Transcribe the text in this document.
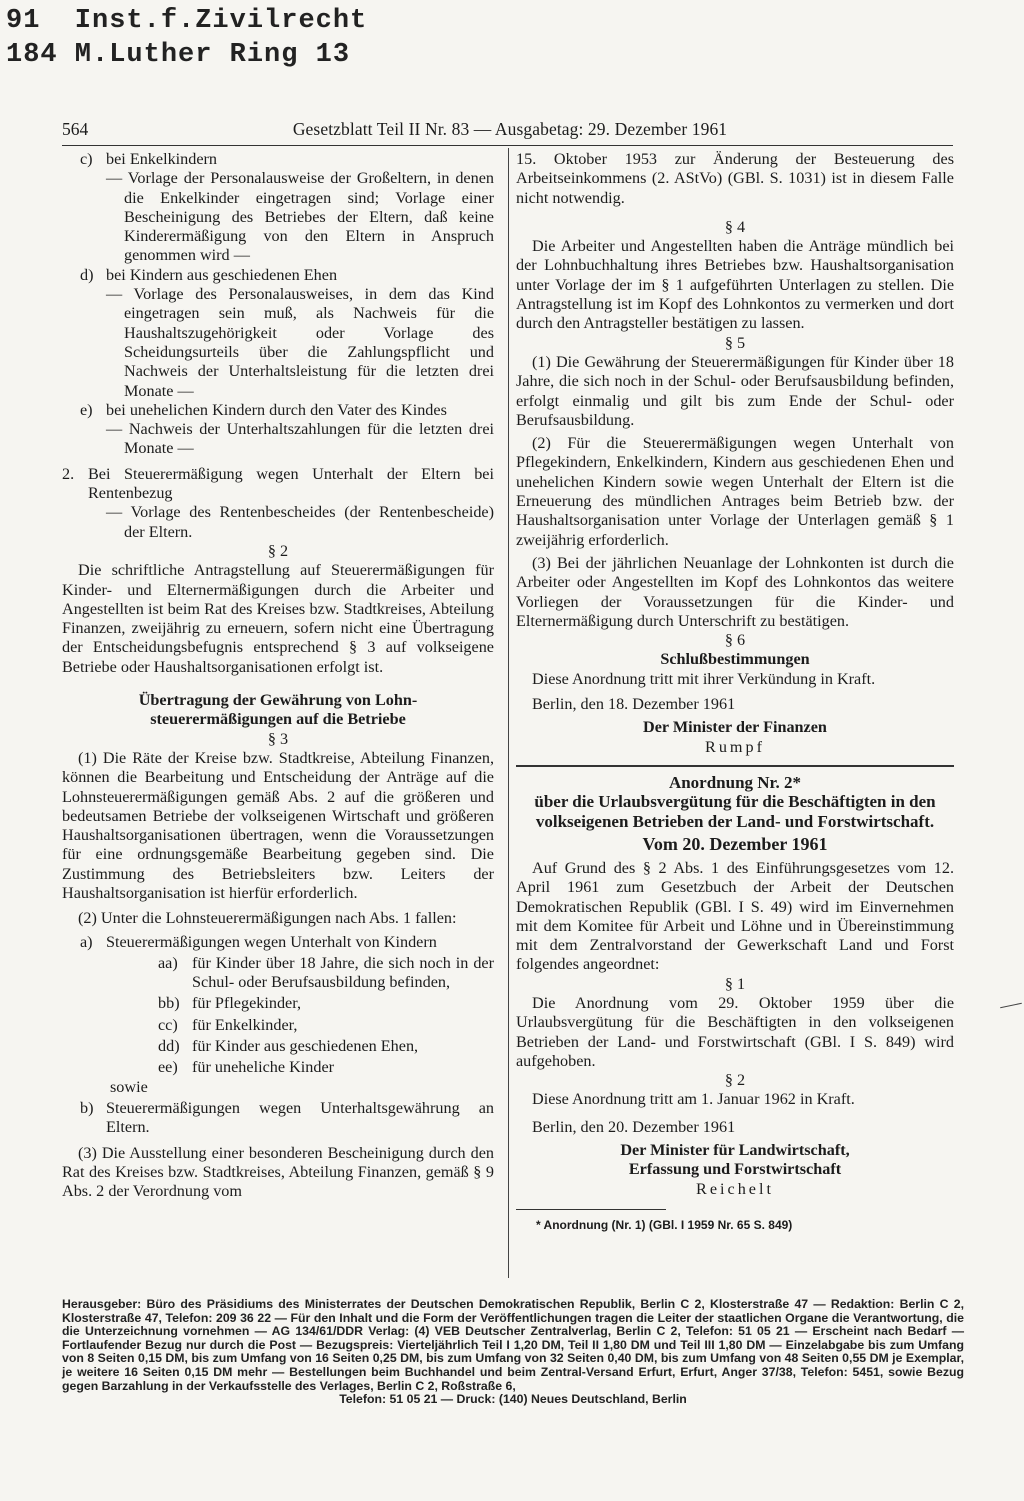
91  Inst.f.Zivilrecht
184 M.Luther Ring 13
564	Gesetzblatt Teil II Nr. 83 — Ausgabetag: 29. Dezember 1961
c) bei Enkelkindern

— Vorlage der Personalausweise der Großeltern, in denen die Enkelkinder eingetragen sind; Vorlage einer Bescheinigung des Betriebes der Eltern, daß keine Kinderermäßigung von den Eltern in Anspruch genommen wird —

d) bei Kindern aus geschiedenen Ehen

— Vorlage des Personalausweises, in dem das Kind eingetragen sein muß, als Nachweis für die Haushaltszugehörigkeit oder Vorlage des Scheidungsurteils über die Zahlungspflicht und Nachweis der Unterhaltsleistung für die letzten drei Monate —

e) bei unehelichen Kindern durch den Vater des Kindes

— Nachweis der Unterhaltszahlungen für die letzten drei Monate —

2. Bei Steuerermäßigung wegen Unterhalt der Eltern bei Rentenbezug

— Vorlage des Rentenbescheides (der Rentenbescheide) der Eltern.

§ 2

Die schriftliche Antragstellung auf Steuerermäßigungen für Kinder- und Elternermäßigungen durch die Arbeiter und Angestellten ist beim Rat des Kreises bzw. Stadtkreises, Abteilung Finanzen, zweijährig zu erneuern, sofern nicht eine Übertragung der Entscheidungsbefugnis entsprechend § 3 auf volkseigene Betriebe oder Haushaltsorganisationen erfolgt ist.

Übertragung der Gewährung von Lohn-

steuerermäßigungen auf die Betriebe

§ 3

(1) Die Räte der Kreise bzw. Stadtkreise, Abteilung Finanzen, können die Bearbeitung und Entscheidung der Anträge auf die Lohnsteuerermäßigungen gemäß Abs. 2 auf die größeren und bedeutsamen Betriebe der volkseigenen Wirtschaft und größeren Haushaltsorganisationen übertragen, wenn die Voraussetzungen für eine ordnungsgemäße Bearbeitung gegeben sind. Die Zustimmung des Betriebsleiters bzw. Leiters der Haushaltsorganisation ist hierfür erforderlich.

(2) Unter die Lohnsteuerermäßigungen nach Abs. 1 fallen:

a) Steuerermäßigungen wegen Unterhalt von Kindern
aa) für Kinder über 18 Jahre, die sich noch in der Schul- oder Berufsausbildung befinden,
bb) für Pflegekinder,
cc) für Enkelkinder,
dd) für Kinder aus geschiedenen Ehen,
ee) für uneheliche Kinder

sowie

b) Steuerermäßigungen wegen Unterhaltsgewährung an Eltern.

(3) Die Ausstellung einer besonderen Bescheinigung durch den Rat des Kreises bzw. Stadtkreises, Abteilung Finanzen, gemäß § 9 Abs. 2 der Verordnung vom

15. Oktober 1953 zur Änderung der Besteuerung des Arbeitseinkommens (2. AStVo) (GBl. S. 1031) ist in diesem Falle nicht notwendig.

§ 4

Die Arbeiter und Angestellten haben die Anträge mündlich bei der Lohnbuchhaltung ihres Betriebes bzw. Haushaltsorganisation unter Vorlage der im § 1 aufgeführten Unterlagen zu stellen. Die Antragstellung ist im Kopf des Lohnkontos zu vermerken und dort durch den Antragsteller bestätigen zu lassen.

§ 5

(1) Die Gewährung der Steuerermäßigungen für Kinder über 18 Jahre, die sich noch in der Schul- oder Berufsausbildung befinden, erfolgt einmalig und gilt bis zum Ende der Schul- oder Berufsausbildung.

(2) Für die Steuerermäßigungen wegen Unterhalt von Pflegekindern, Enkelkindern, Kindern aus geschiedenen Ehen und unehelichen Kindern sowie wegen Unterhalt der Eltern ist die Erneuerung des mündlichen Antrages beim Betrieb bzw. der Haushaltsorganisation unter Vorlage der Unterlagen gemäß § 1 zweijährig erforderlich.

(3) Bei der jährlichen Neuanlage der Lohnkonten ist durch die Arbeiter oder Angestellten im Kopf des Lohnkontos das weitere Vorliegen der Voraussetzungen für die Kinder- und Elternermäßigung durch Unterschrift zu bestätigen.

§ 6

Schlußbestimmungen

Diese Anordnung tritt mit ihrer Verkündung in Kraft.

Berlin, den 18. Dezember 1961

Der Minister der Finanzen

Rumpf

Anordnung Nr. 2*

über die Urlaubsvergütung für die Beschäftigten in den volkseigenen Betrieben der Land- und Forstwirtschaft.

Vom 20. Dezember 1961

Auf Grund des § 2 Abs. 1 des Einführungsgesetzes vom 12. April 1961 zum Gesetzbuch der Arbeit der Deutschen Demokratischen Republik (GBl. I S. 49) wird im Einvernehmen mit dem Komitee für Arbeit und Löhne und in Übereinstimmung mit dem Zentralvorstand der Gewerkschaft Land und Forst folgendes angeordnet:

§ 1

Die Anordnung vom 29. Oktober 1959 über die Urlaubsvergütung für die Beschäftigten in den volkseigenen Betrieben der Land- und Forstwirtschaft (GBl. I S. 849) wird aufgehoben.

§ 2

Diese Anordnung tritt am 1. Januar 1962 in Kraft.

Berlin, den 20. Dezember 1961

Der Minister für Landwirtschaft,

Erfassung und Forstwirtschaft

Reichelt

* Anordnung (Nr. 1) (GBl. I 1959 Nr. 65 S. 849)

Herausgeber: Büro des Präsidiums des Ministerrates der Deutschen Demokratischen Republik, Berlin C 2, Klosterstraße 47 — Redaktion: Berlin C 2, Klosterstraße 47, Telefon: 209 36 22 — Für den Inhalt und die Form der Veröffentlichungen tragen die Leiter der staatlichen Organe die Verantwortung, die die Unterzeichnung vornehmen — AG 134/61/DDR Verlag: (4) VEB Deutscher Zentralverlag, Berlin C 2, Telefon: 51 05 21 — Erscheint nach Bedarf — Fortlaufender Bezug nur durch die Post — Bezugspreis: Vierteljährlich Teil I 1,20 DM, Teil II 1,80 DM und Teil III 1,80 DM — Einzelabgabe bis zum Umfang von 8 Seiten 0,15 DM, bis zum Umfang von 16 Seiten 0,25 DM, bis zum Umfang von 32 Seiten 0,40 DM, bis zum Umfang von 48 Seiten 0,55 DM je Exemplar, je weitere 16 Seiten 0,15 DM mehr — Bestellungen beim Buchhandel und beim Zentral-Versand Erfurt, Erfurt, Anger 37/38, Telefon: 5451, sowie Bezug gegen Barzahlung in der Verkaufsstelle des Verlages, Berlin C 2, Roßstraße 6,

Telefon: 51 05 21 — Druck: (140) Neues Deutschland, Berlin
